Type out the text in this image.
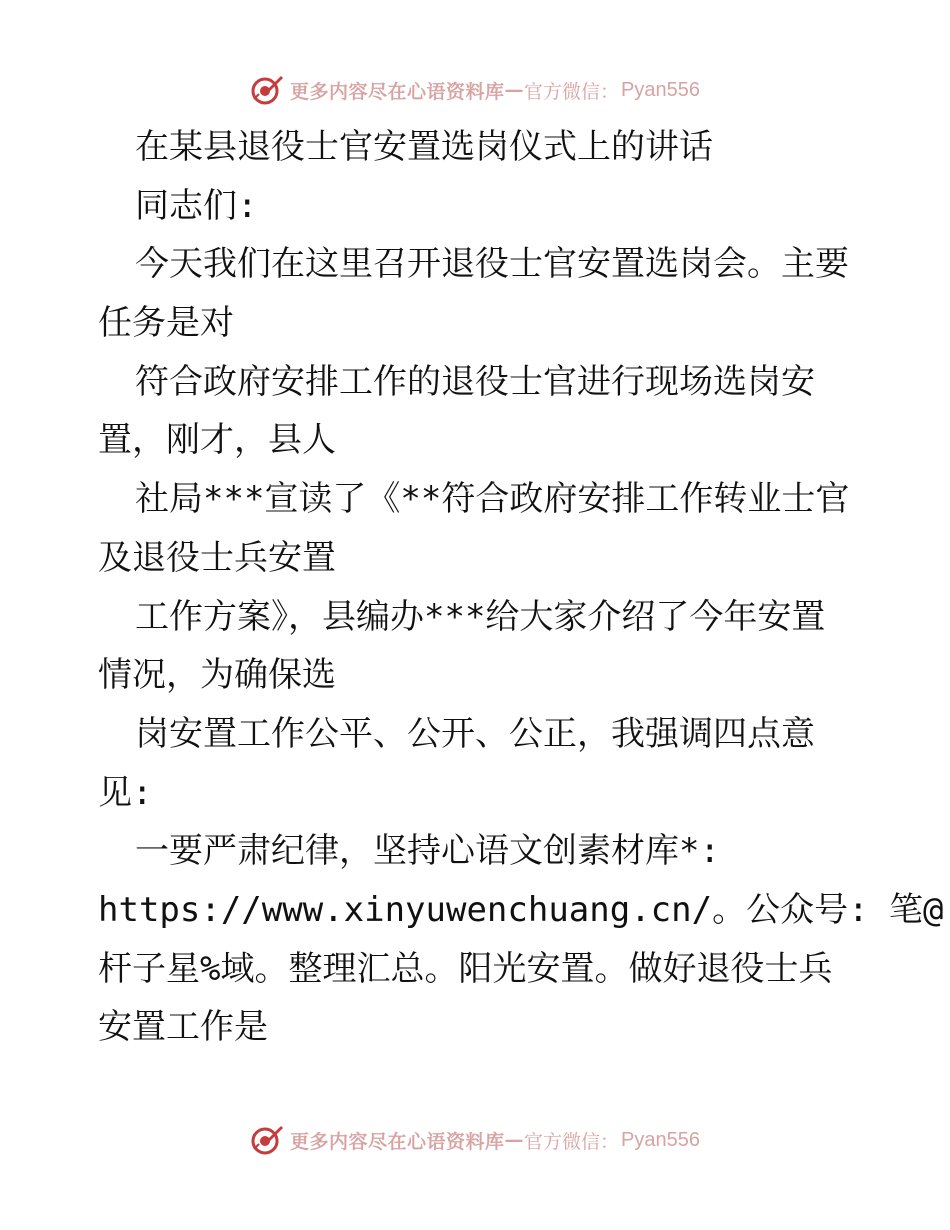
更多内容尽在心语资料库 — 官方微信： Pyan556
在某县退役士官安置选岗仪式上的讲话
同志们:
今天我们在这里召开退役士官安置选岗会。主要
任务是对
符合政府安排工作的退役士官进行现场选岗安
置，刚才，县人
社局***宣读了《**符合政府安排工作转业士官
及退役士兵安置
工作方案》，县编办***给大家介绍了今年安置
情况，为确保选
岗安置工作公平、公开、公正，我强调四点意
见:
一要严肃纪律，坚持心语文创素材库*:
https://www.xinyuwenchuang.cn/。公众号: 笔@
杆子星%域。整理汇总。阳光安置。做好退役士兵
安置工作是
更多内容尽在心语资料库 — 官方微信： Pyan556
